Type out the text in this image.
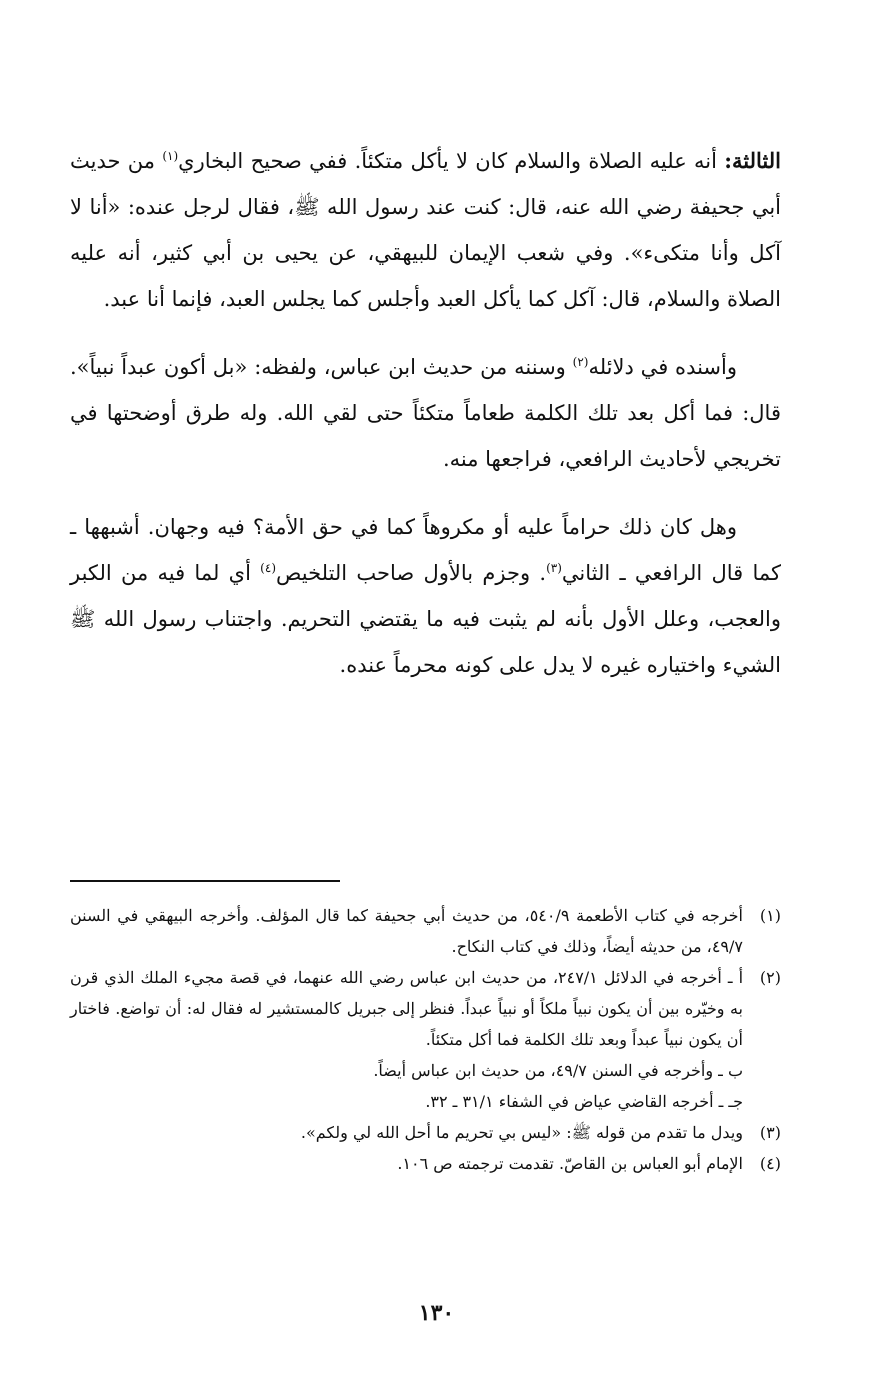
الثالثة: أنه عليه الصلاة والسلام كان لا يأكل متكئاً. ففي صحيح البخاري$^{(١)}$ من حديث أبي جحيفة رضي الله عنه، قال: كنت عند رسول الله ﷺ، فقال لرجل عنده: «أنا لا آكل وأنا متكىء». وفي شعب الإيمان للبيهقي، عن يحيى بن أبي كثير، أنه عليه الصلاة والسلام، قال: آكل كما يأكل العبد وأجلس كما يجلس العبد، فإنما أنا عبد.

وأسنده في دلائله$^{(٢)}$ وسننه من حديث ابن عباس، ولفظه: «بل أكون عبداً نبياً». قال: فما أكل بعد تلك الكلمة طعاماً متكئاً حتى لقي الله. وله طرق أوضحتها في تخريجي لأحاديث الرافعي، فراجعها منه.

وهل كان ذلك حراماً عليه أو مكروهاً كما في حق الأمة؟ فيه وجهان. أشبهها ـ كما قال الرافعي ـ الثاني$^{(٣)}$. وجزم بالأول صاحب التلخيص$^{(٤)}$ أي لما فيه من الكبر والعجب، وعلل الأول بأنه لم يثبت فيه ما يقتضي التحريم. واجتناب رسول الله ﷺ الشيء واختياره غيره لا يدل على كونه محرماً عنده.

(١)
أخرجه في كتاب الأطعمة ٥٤٠/٩، من حديث أبي جحيفة كما قال المؤلف. وأخرجه البيهقي في السنن ٤٩/٧، من حديثه أيضاً، وذلك في كتاب النكاح.
(٢)
أ ـ أخرجه في الدلائل ٢٤٧/١، من حديث ابن عباس رضي الله عنهما، في قصة مجيء الملك الذي قرن به وخيّره بين أن يكون نبياً ملكاً أو نبياً عبداً. فنظر إلى جبريل كالمستشير له فقال له: أن تواضع. فاختار أن يكون نبياً عبداً وبعد تلك الكلمة فما أكل متكئاً.
ب ـ وأخرجه في السنن ٤٩/٧، من حديث ابن عباس أيضاً.
جـ ـ أخرجه القاضي عياض في الشفاء ٣١/١ ـ ٣٢.
(٣)
ويدل ما تقدم من قوله ﷺ: «ليس بي تحريم ما أحل الله لي ولكم».
(٤)
الإمام أبو العباس بن القاصّ. تقدمت ترجمته ص ١٠٦.
١٣٠
